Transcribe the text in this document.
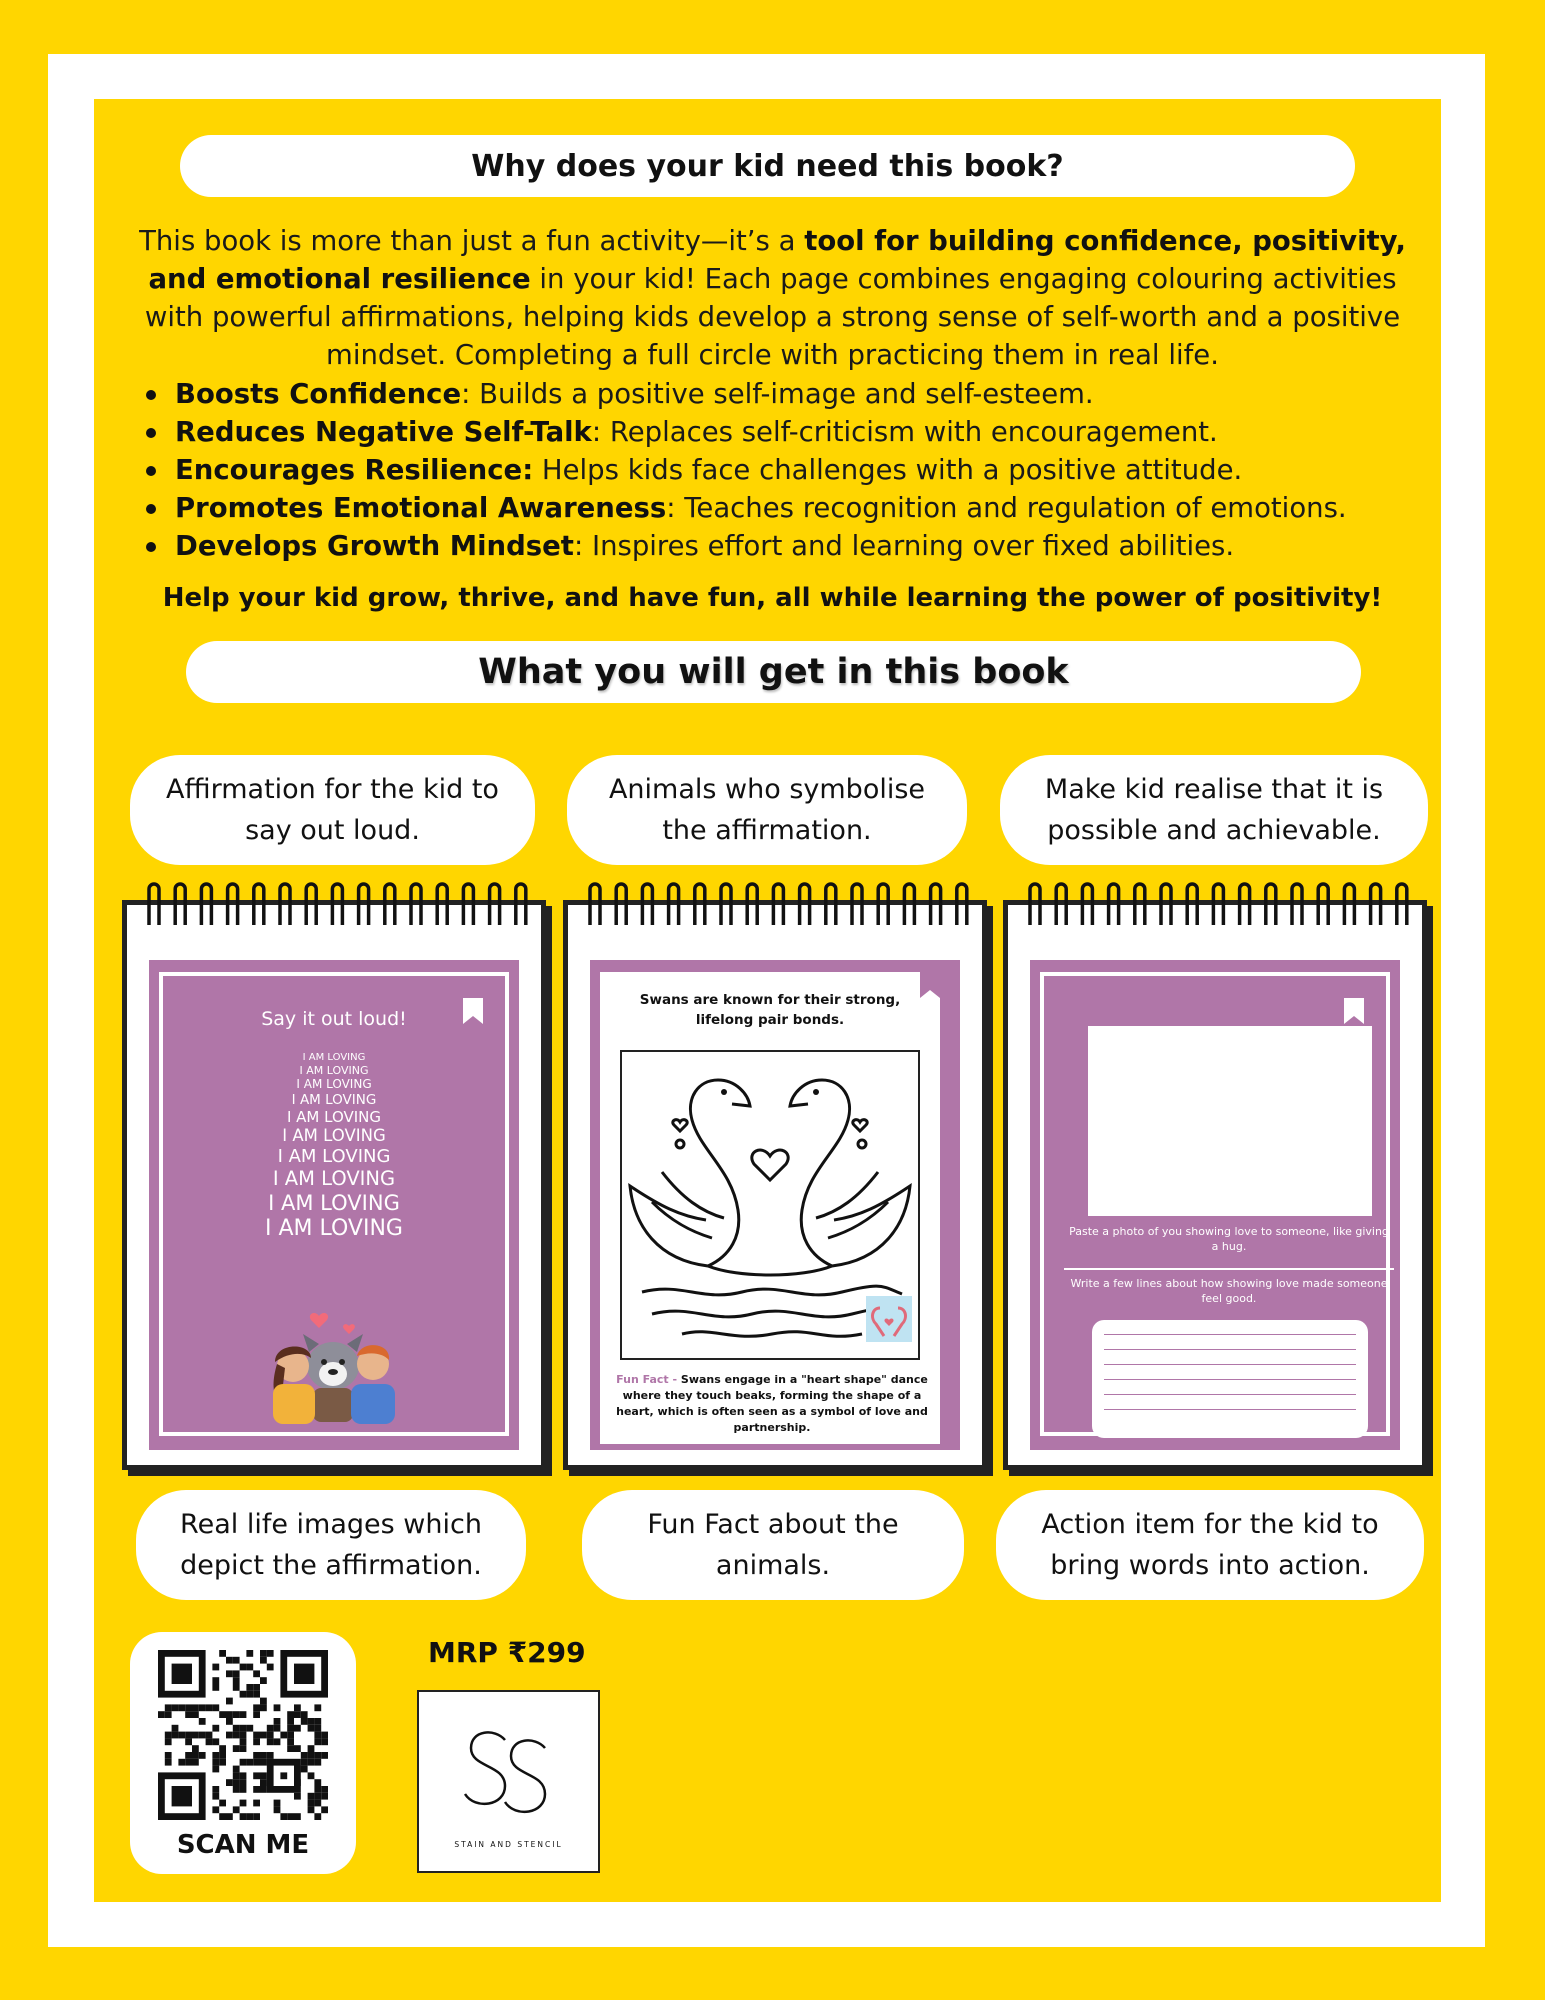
Why does your kid need this book?
This book is more than just a fun activity—it’s a tool for building confidence, positivity, and emotional resilience in your kid! Each page combines engaging colouring activities with powerful affirmations, helping kids develop a strong sense of self-worth and a positive mindset. Completing a full circle with practicing them in real life.
Boosts Confidence: Builds a positive self-image and self-esteem.
Reduces Negative Self-Talk: Replaces self-criticism with encouragement.
Encourages Resilience: Helps kids face challenges with a positive attitude.
Promotes Emotional Awareness: Teaches recognition and regulation of emotions.
Develops Growth Mindset: Inspires effort and learning over fixed abilities.
Help your kid grow, thrive, and have fun, all while learning the power of positivity!
What you will get in this book
Affirmation for the kid to say out loud.
Animals who symbolise the affirmation.
Make kid realise that it is possible and achievable.
Say it out loud!
I AM LOVING
I AM LOVING
I AM LOVING
I AM LOVING
I AM LOVING
I AM LOVING
I AM LOVING
I AM LOVING
I AM LOVING
I AM LOVING
Swans are known for their strong, lifelong pair bonds.
Fun Fact - Swans engage in a "heart shape" dance where they touch beaks, forming the shape of a heart, which is often seen as a symbol of love and partnership.
Paste a photo of you showing love to someone, like giving a hug.
Write a few lines about how showing love made someone feel good.
Real life images which depict the affirmation.
Fun Fact about the animals.
Action item for the kid to bring words into action.
SCAN ME
MRP ₹299
STAIN AND STENCIL
